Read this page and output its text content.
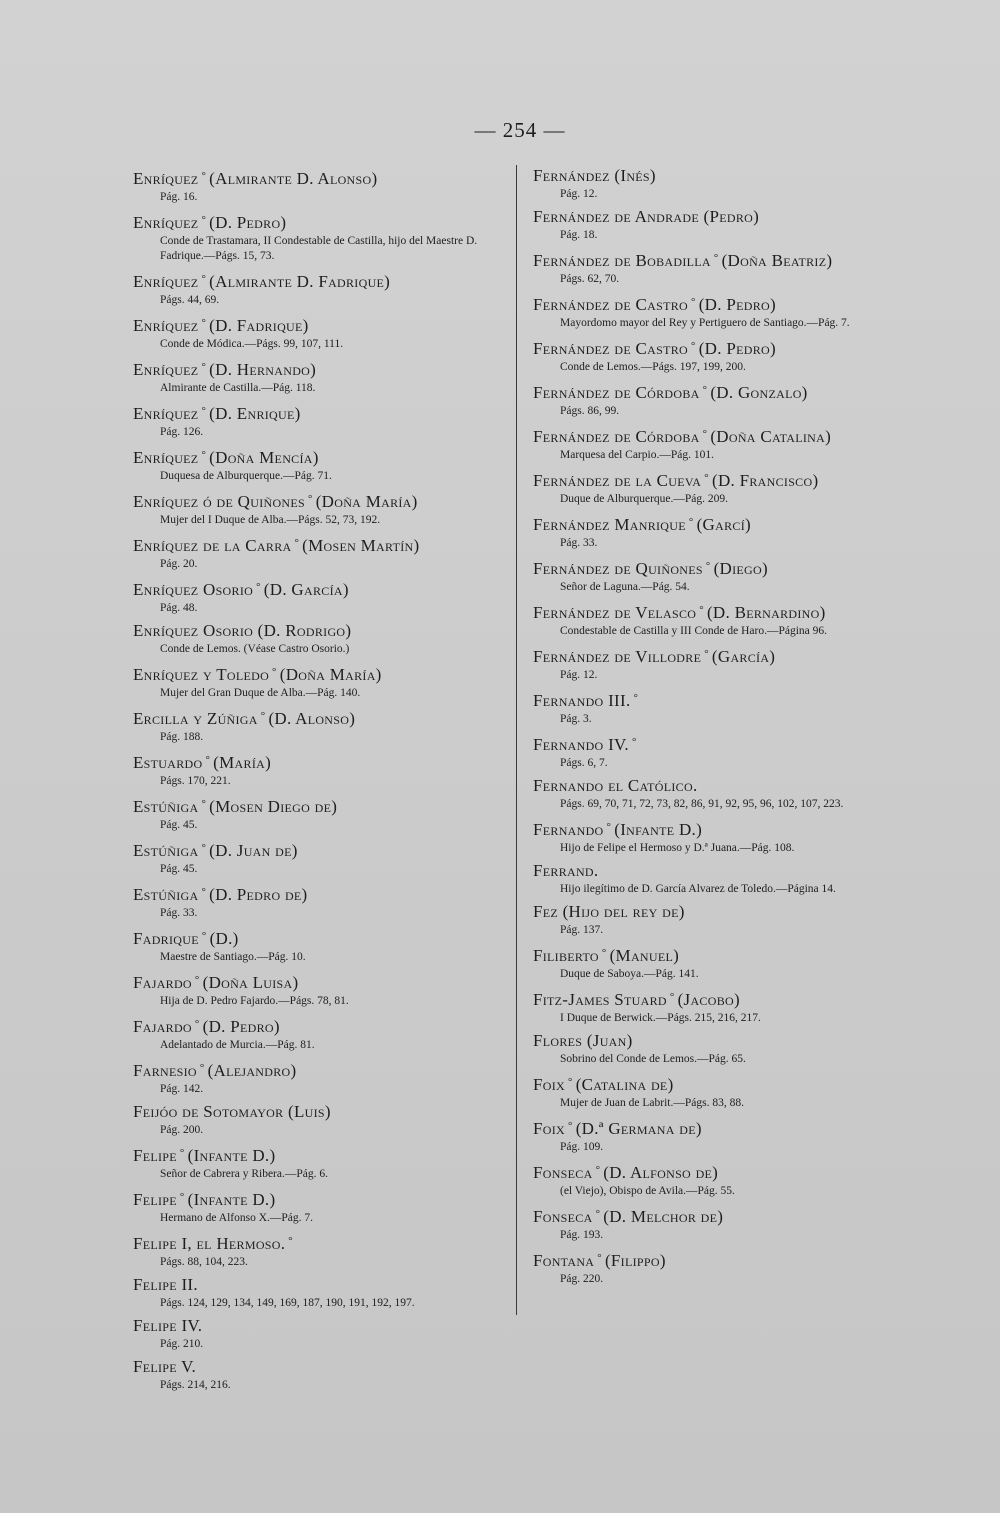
— 254 —
Enríquez ° (Almirante D. Alonso)
Pág. 16.
Enríquez ° (D. Pedro)
Conde de Trastamara, II Condestable de Castilla, hijo del Maestre D. Fadrique.—Págs. 15, 73.
Enríquez ° (Almirante D. Fadrique)
Págs. 44, 69.
Enríquez ° (D. Fadrique)
Conde de Módica.—Págs. 99, 107, 111.
Enríquez ° (D. Hernando)
Almirante de Castilla.—Pág. 118.
Enríquez ° (D. Enrique)
Pág. 126.
Enríquez ° (Doña Mencía)
Duquesa de Alburquerque.—Pág. 71.
Enríquez ó de Quiñones ° (Doña María)
Mujer del I Duque de Alba.—Págs. 52, 73, 192.
Enríquez de la Carra ° (Mosen Martín)
Pág. 20.
Enríquez Osorio ° (D. García)
Pág. 48.
Enríquez Osorio (D. Rodrigo)
Conde de Lemos. (Véase Castro Osorio.)
Enríquez y Toledo ° (Doña María)
Mujer del Gran Duque de Alba.—Pág. 140.
Ercilla y Zúñiga ° (D. Alonso)
Pág. 188.
Estuardo ° (María)
Págs. 170, 221.
Estúñiga ° (Mosen Diego de)
Pág. 45.
Estúñiga ° (D. Juan de)
Pág. 45.
Estúñiga ° (D. Pedro de)
Pág. 33.
Fadrique ° (D.)
Maestre de Santiago.—Pág. 10.
Fajardo ° (Doña Luisa)
Hija de D. Pedro Fajardo.—Págs. 78, 81.
Fajardo ° (D. Pedro)
Adelantado de Murcia.—Pág. 81.
Farnesio ° (Alejandro)
Pág. 142.
Feijóo de Sotomayor (Luis)
Pág. 200.
Felipe ° (Infante D.)
Señor de Cabrera y Ribera.—Pág. 6.
Felipe ° (Infante D.)
Hermano de Alfonso X.—Pág. 7.
Felipe I, el Hermoso. °
Págs. 88, 104, 223.
Felipe II.
Págs. 124, 129, 134, 149, 169, 187, 190, 191, 192, 197.
Felipe IV.
Pág. 210.
Felipe V.
Págs. 214, 216.
Fernández (Inés)
Pág. 12.
Fernández de Andrade (Pedro)
Pág. 18.
Fernández de Bobadilla ° (Doña Beatriz)
Págs. 62, 70.
Fernández de Castro ° (D. Pedro)
Mayordomo mayor del Rey y Pertiguero de Santiago.—Pág. 7.
Fernández de Castro ° (D. Pedro)
Conde de Lemos.—Págs. 197, 199, 200.
Fernández de Córdoba ° (D. Gonzalo)
Págs. 86, 99.
Fernández de Córdoba ° (Doña Catalina)
Marquesa del Carpio.—Pág. 101.
Fernández de la Cueva ° (D. Francisco)
Duque de Alburquerque.—Pág. 209.
Fernández Manrique ° (Garcí)
Pág. 33.
Fernández de Quiñones ° (Diego)
Señor de Laguna.—Pág. 54.
Fernández de Velasco ° (D. Bernardino)
Condestable de Castilla y III Conde de Haro.—Página 96.
Fernández de Villodre ° (García)
Pág. 12.
Fernando III. °
Pág. 3.
Fernando IV. °
Págs. 6, 7.
Fernando el Católico.
Págs. 69, 70, 71, 72, 73, 82, 86, 91, 92, 95, 96, 102, 107, 223.
Fernando ° (Infante D.)
Hijo de Felipe el Hermoso y D.ª Juana.—Pág. 108.
Ferrand.
Hijo ilegítimo de D. García Alvarez de Toledo.—Página 14.
Fez (Hijo del rey de)
Pág. 137.
Filiberto ° (Manuel)
Duque de Saboya.—Pág. 141.
Fitz-James Stuard ° (Jacobo)
I Duque de Berwick.—Págs. 215, 216, 217.
Flores (Juan)
Sobrino del Conde de Lemos.—Pág. 65.
Foix ° (Catalina de)
Mujer de Juan de Labrit.—Págs. 83, 88.
Foix ° (D.ª Germana de)
Pág. 109.
Fonseca ° (D. Alfonso de)
(el Viejo), Obispo de Avila.—Pág. 55.
Fonseca ° (D. Melchor de)
Pág. 193.
Fontana ° (Filippo)
Pág. 220.
